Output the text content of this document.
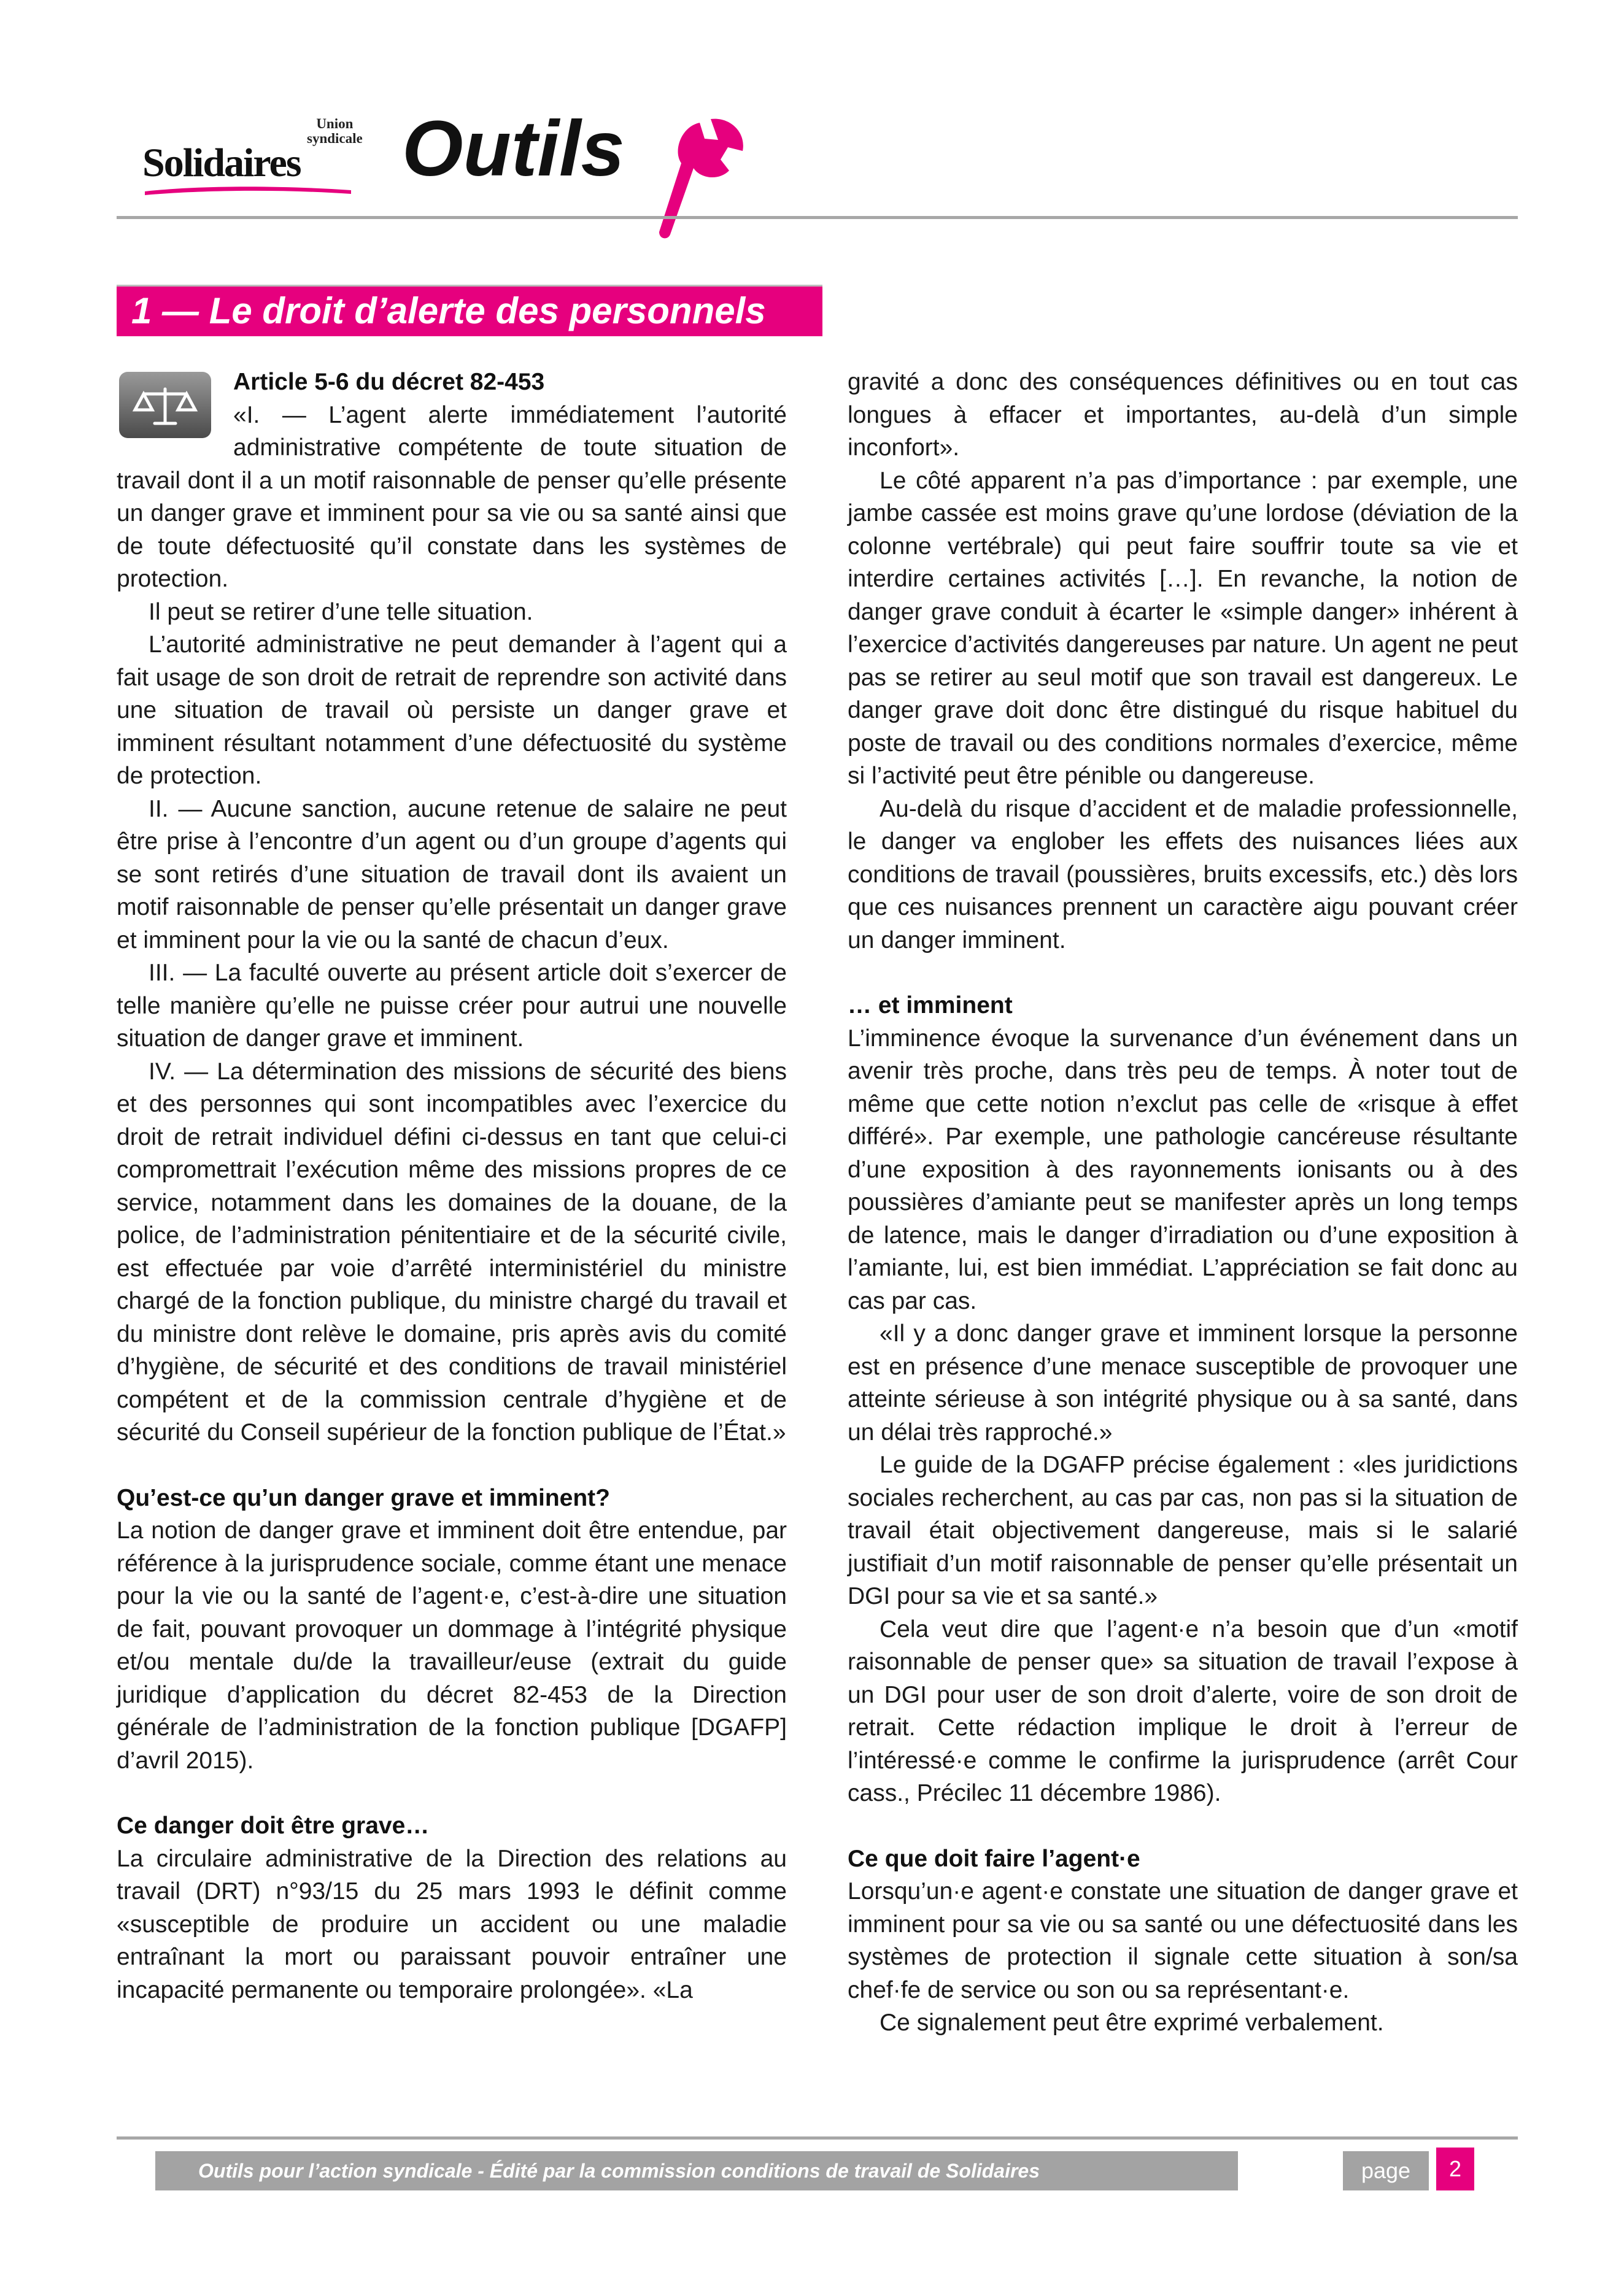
Union
syndicale
Solidaires Outils
1 — Le droit d’alerte des personnels
Article 5-6 du décret 82-453

«I. — L’agent alerte immédiatement l’autorité administrative compétente de toute situation de travail dont il a un motif raisonnable de penser qu’elle présente un danger grave et imminent pour sa vie ou sa santé ainsi que de toute défectuosité qu’il constate dans les systèmes de protection.

Il peut se retirer d’une telle situation.

L’autorité administrative ne peut demander à l’agent qui a fait usage de son droit de retrait de reprendre son activité dans une situation de travail où persiste un danger grave et imminent résultant notamment d’une défectuosité du système de protection.

II. — Aucune sanction, aucune retenue de salaire ne peut être prise à l’encontre d’un agent ou d’un groupe d’agents qui se sont retirés d’une situation de travail dont ils avaient un motif raisonnable de penser qu’elle présentait un danger grave et imminent pour la vie ou la santé de chacun d’eux.

III. — La faculté ouverte au présent article doit s’exercer de telle manière qu’elle ne puisse créer pour autrui une nouvelle situation de danger grave et imminent.

IV. — La détermination des missions de sécurité des biens et des personnes qui sont incompatibles avec l’exercice du droit de retrait individuel défini ci-dessus en tant que celui-ci compromettrait l’exécution même des missions propres de ce service, notamment dans les domaines de la douane, de la police, de l’administration pénitentiaire et de la sécurité civile, est effectuée par voie d’arrêté interministériel du ministre chargé de la fonction publique, du ministre chargé du travail et du ministre dont relève le domaine, pris après avis du comité d’hygiène, de sécurité et des conditions de travail ministériel compétent et de la commission centrale d’hygiène et de sécurité du Conseil supérieur de la fonction publique de l’État.»

Qu’est-ce qu’un danger grave et imminent?

La notion de danger grave et imminent doit être entendue, par référence à la jurisprudence sociale, comme étant une menace pour la vie ou la santé de l’agent·e, c’est-à-dire une situation de fait, pouvant provoquer un dommage à l’intégrité physique et/ou mentale du/de la travailleur/euse (extrait du guide juridique d’application du décret 82-453 de la Direction générale de l’administration de la fonction publique [DGAFP] d’avril 2015).

Ce danger doit être grave…

La circulaire administrative de la Direction des relations au travail (DRT) n°93/15 du 25 mars 1993 le définit comme «susceptible de produire un accident ou une maladie entraînant la mort ou paraissant pouvoir entraîner une incapacité permanente ou temporaire prolongée». «La

gravité a donc des conséquences définitives ou en tout cas longues à effacer et importantes, au-delà d’un simple inconfort».

Le côté apparent n’a pas d’importance : par exemple, une jambe cassée est moins grave qu’une lordose (déviation de la colonne vertébrale) qui peut faire souffrir toute sa vie et interdire certaines activités […]. En revanche, la notion de danger grave conduit à écarter le «simple danger» inhérent à l’exercice d’activités dangereuses par nature. Un agent ne peut pas se retirer au seul motif que son travail est dangereux. Le danger grave doit donc être distingué du risque habituel du poste de travail ou des conditions normales d’exercice, même si l’activité peut être pénible ou dangereuse.

Au-delà du risque d’accident et de maladie professionnelle, le danger va englober les effets des nuisances liées aux conditions de travail (poussières, bruits excessifs, etc.) dès lors que ces nuisances prennent un caractère aigu pouvant créer un danger imminent.

… et imminent

L’imminence évoque la survenance d’un événement dans un avenir très proche, dans très peu de temps. À noter tout de même que cette notion n’exclut pas celle de «risque à effet différé». Par exemple, une pathologie cancéreuse résultante d’une exposition à des rayonnements ionisants ou à des poussières d’amiante peut se manifester après un long temps de latence, mais le danger d’irradiation ou d’une exposition à l’amiante, lui, est bien immédiat. L’appréciation se fait donc au cas par cas.

«Il y a donc danger grave et imminent lorsque la personne est en présence d’une menace susceptible de provoquer une atteinte sérieuse à son intégrité physique ou à sa santé, dans un délai très rapproché.»

Le guide de la DGAFP précise également : «les juridictions sociales recherchent, au cas par cas, non pas si la situation de travail était objectivement dangereuse, mais si le salarié justifiait d’un motif raisonnable de penser qu’elle présentait un DGI pour sa vie et sa santé.»

Cela veut dire que l’agent·e n’a besoin que d’un «motif raisonnable de penser que» sa situation de travail l’expose à un DGI pour user de son droit d’alerte, voire de son droit de retrait. Cette rédaction implique le droit à l’erreur de l’intéressé·e comme le confirme la jurisprudence (arrêt Cour cass., Précilec 11 décembre 1986).

Ce que doit faire l’agent·e

Lorsqu’un·e agent·e constate une situation de danger grave et imminent pour sa vie ou sa santé ou une défectuosité dans les systèmes de protection il signale cette situation à son/sa chef·fe de service ou son ou sa représentant·e.

Ce signalement peut être exprimé verbalement.

Outils pour l’action syndicale - Édité par la commission conditions de travail de Solidaires	page	2
